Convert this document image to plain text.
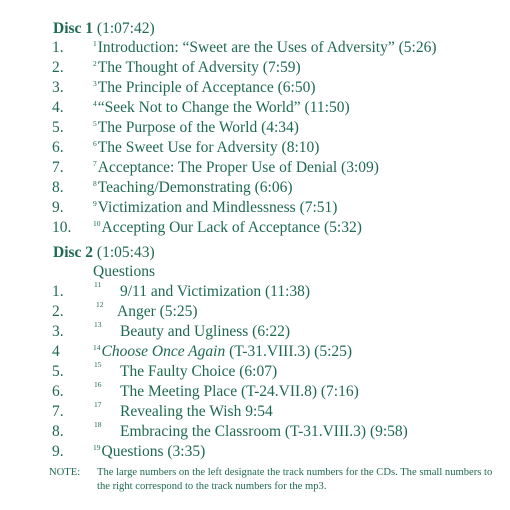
Disc 1 (1:07:42)
1.	$^1$Introduction: “Sweet are the Uses of Adversity” (5:26)
2.	$^2$The Thought of Adversity (7:59)
3.	$^3$The Principle of Acceptance (6:50)
4.	$^4$“Seek Not to Change the World” (11:50)
5.	$^5$The Purpose of the World (4:34)
6.	$^6$The Sweet Use for Adversity (8:10)
7.	$^7$Acceptance: The Proper Use of Denial (3:09)
8.	$^8$Teaching/Demonstrating (6:06)
9.	$^9$Victimization and Mindlessness (7:51)
10.	$^{10}$Accepting Our Lack of Acceptance (5:32)
Disc 2 (1:05:43)
Questions
1.	11 9/11 and Victimization (11:38)
2.	12 Anger (5:25)
3.	13 Beauty and Ugliness (6:22)
4	$^{14}$Choose Once Again (T-31.VIII.3) (5:25)
5.	15 The Faulty Choice (6:07)
6.	16 The Meeting Place (T-24.VII.8) (7:16)
7.	17 Revealing the Wish 9:54
8.	18 Embracing the Classroom (T-31.VIII.3) (9:58)
9.	$^{19}$Questions (3:35)
NOTE: The large numbers on the left designate the track numbers for the CDs. The small numbers to the right correspond to the track numbers for the mp3.
